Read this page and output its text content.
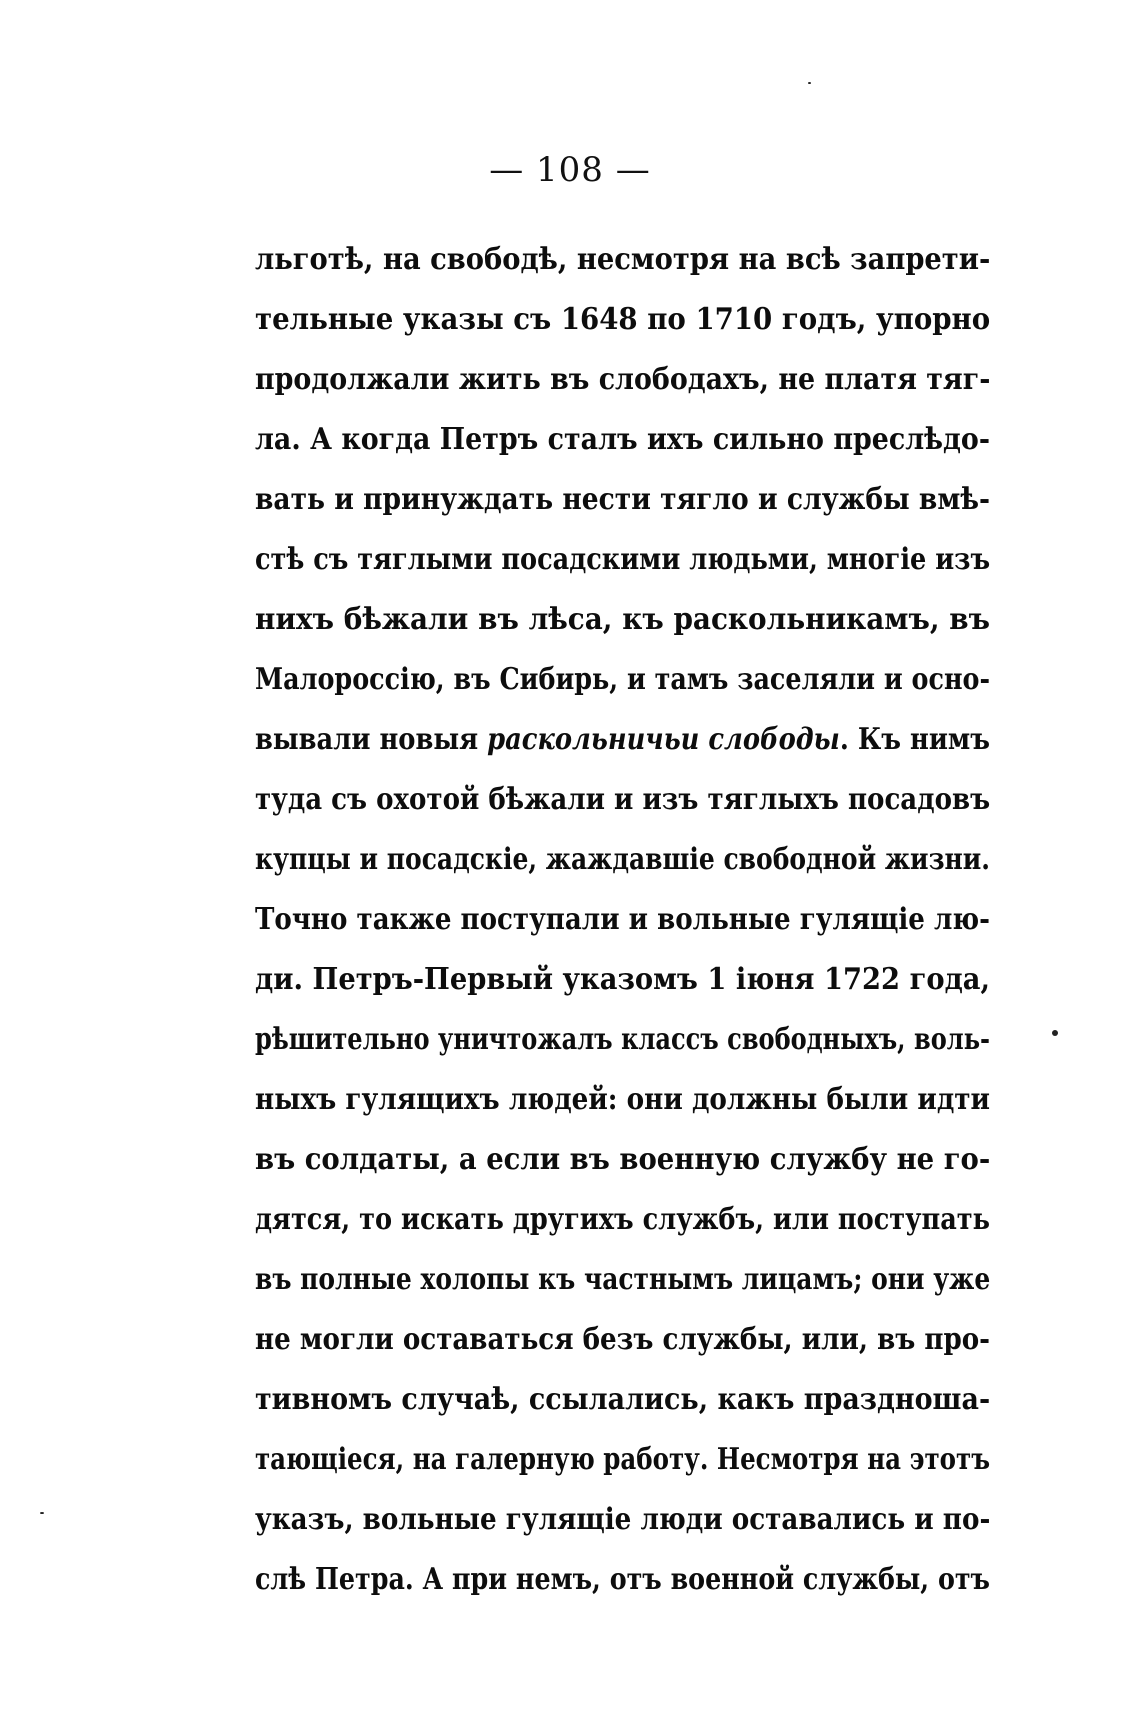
— 108 —
льготѣ, на свободѣ, несмотря на всѣ запрети-
тельные указы съ 1648 по 1710 годъ, упорно
продолжали жить въ слободахъ, не платя тяг-
ла. А когда Петръ сталъ ихъ сильно преслѣдо-
вать и принуждать нести тягло и службы вмѣ-
стѣ съ тяглыми посадскими людьми, многіе изъ
нихъ бѣжали въ лѣса, къ раскольникамъ, въ
Малороссію, въ Сибирь, и тамъ заселяли и осно-
вывали новыя раскольничьи слободы. Къ нимъ
туда съ охотой бѣжали и изъ тяглыхъ посадовъ
купцы и посадскіе, жаждавшіе свободной жизни.
Точно также поступали и вольные гулящіе лю-
ди. Петръ-Первый указомъ 1 іюня 1722 года,
рѣшительно уничтожалъ классъ свободныхъ, воль-
ныхъ гулящихъ людей: они должны были идти
въ солдаты, а если въ военную службу не го-
дятся, то искать другихъ службъ, или поступать
въ полные холопы къ частнымъ лицамъ; они уже
не могли оставаться безъ службы, или, въ про-
тивномъ случаѣ, ссылались, какъ праздноша-
тающіеся, на галерную работу. Несмотря на этотъ
указъ, вольные гулящіе люди оставались и по-
слѣ Петра. А при немъ, отъ военной службы, отъ
